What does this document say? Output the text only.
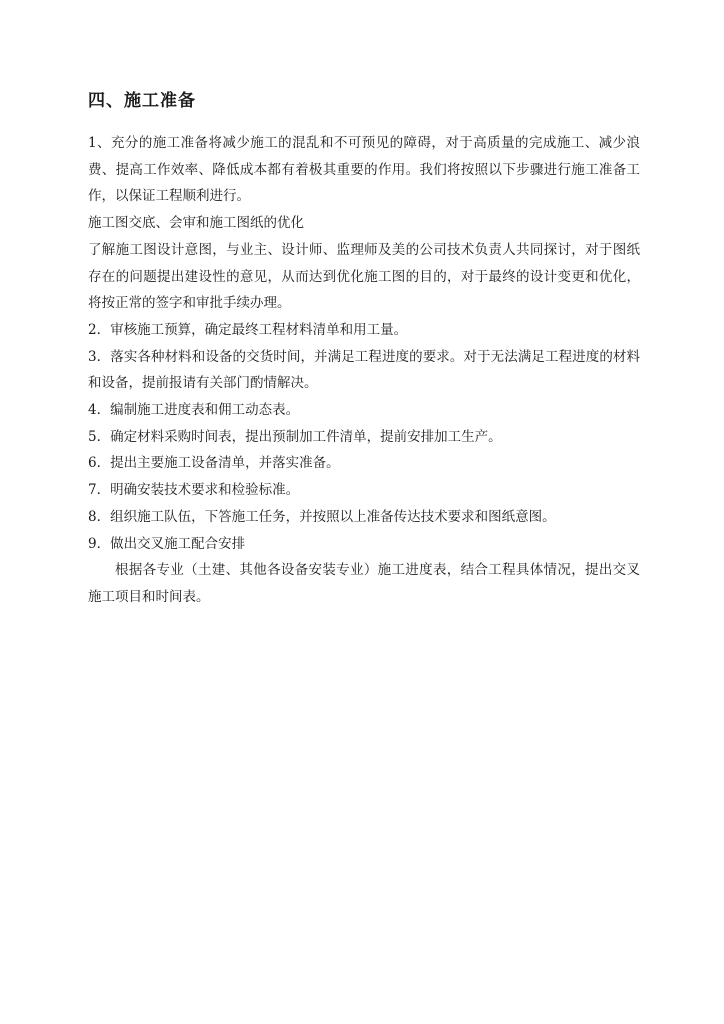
四、施工准备

1、充分的施工准备将减少施工的混乱和不可预见的障碍，对于高质量的完成施工、减少浪费、提高工作效率、降低成本都有着极其重要的作用。我们将按照以下步骤进行施工准备工作，以保证工程顺利进行。

施工图交底、会审和施工图纸的优化

了解施工图设计意图，与业主、设计师、监理师及美的公司技术负责人共同探讨，对于图纸存在的问题提出建设性的意见，从而达到优化施工图的目的，对于最终的设计变更和优化，将按正常的签字和审批手续办理。

2．审核施工预算，确定最终工程材料清单和用工量。

3．落实各种材料和设备的交货时间，并满足工程进度的要求。对于无法满足工程进度的材料和设备，提前报请有关部门酌情解决。

4．编制施工进度表和佣工动态表。

5．确定材料采购时间表，提出预制加工件清单，提前安排加工生产。

6．提出主要施工设备清单，并落实准备。

7．明确安装技术要求和检验标准。

8．组织施工队伍，下答施工任务，并按照以上准备传达技术要求和图纸意图。

9．做出交叉施工配合安排

根据各专业（土建、其他各设备安装专业）施工进度表，结合工程具体情况，提出交叉施工项目和时间表。
